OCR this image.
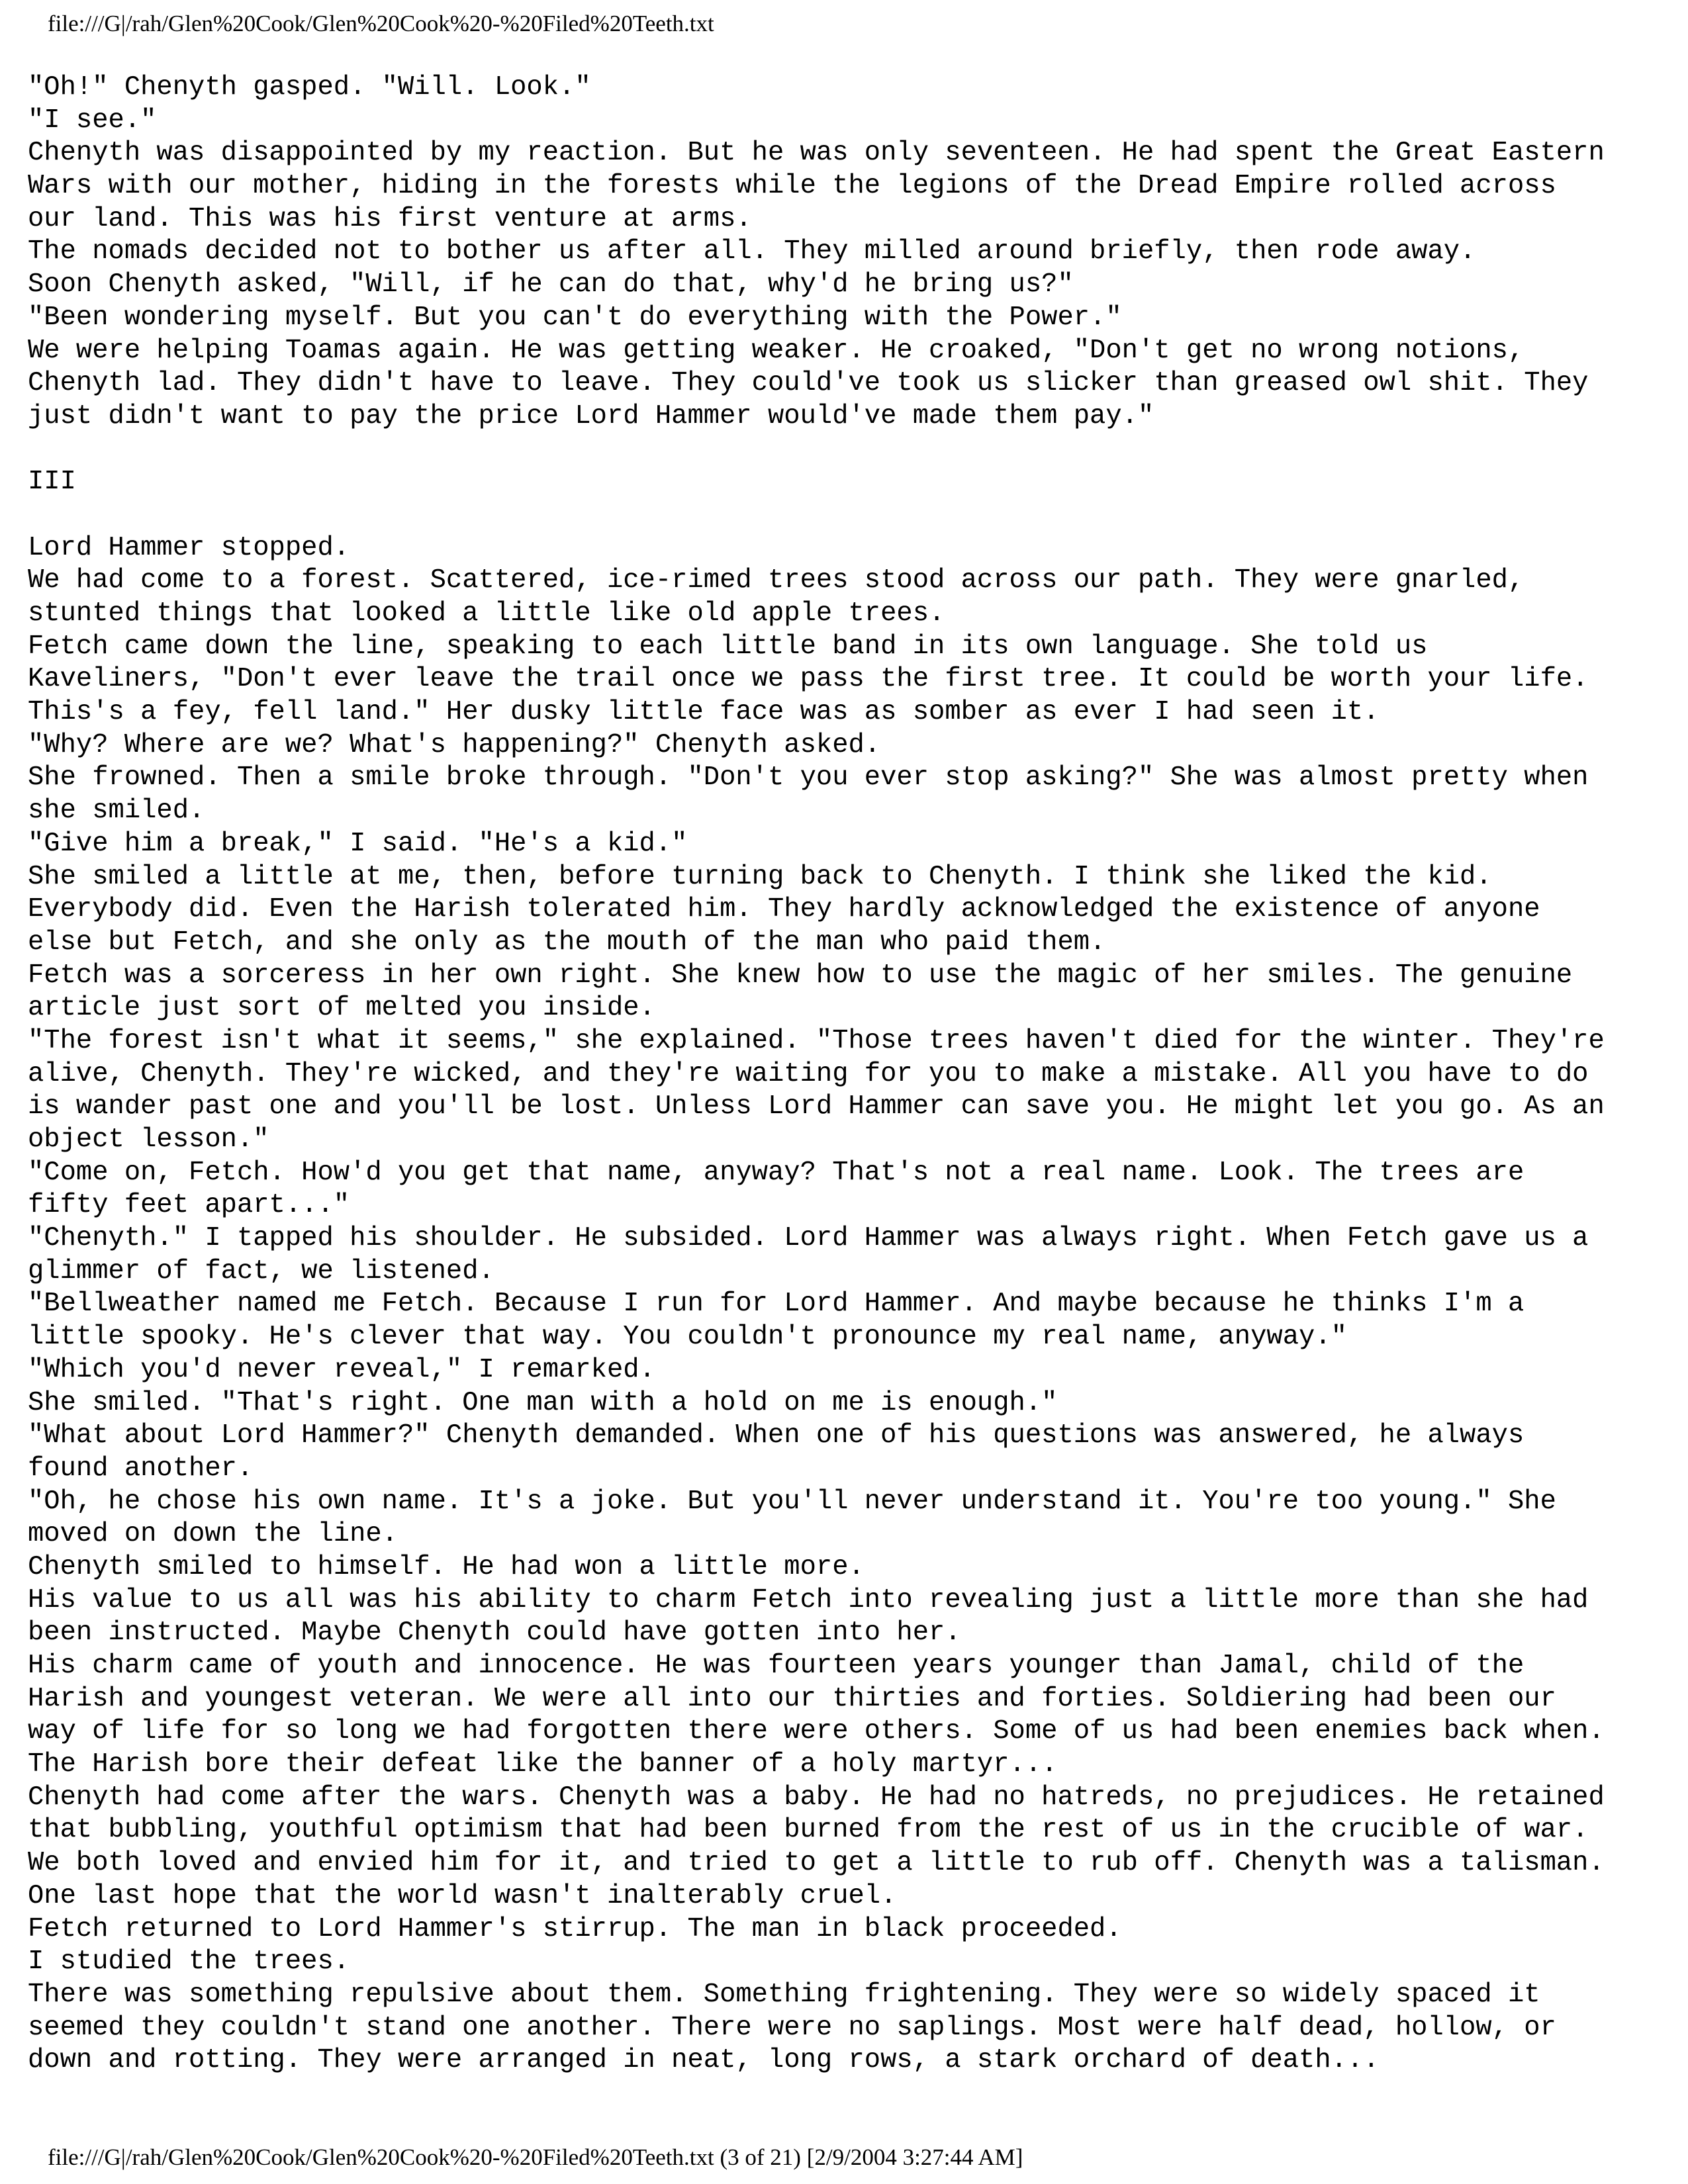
file:///G|/rah/Glen%20Cook/Glen%20Cook%20-%20Filed%20Teeth.txt
"Oh!" Chenyth gasped. "Will. Look."
"I see."
Chenyth was disappointed by my reaction. But he was only seventeen. He had spent the Great Eastern
Wars with our mother, hiding in the forests while the legions of the Dread Empire rolled across
our land. This was his first venture at arms.
The nomads decided not to bother us after all. They milled around briefly, then rode away.
Soon Chenyth asked, "Will, if he can do that, why'd he bring us?"
"Been wondering myself. But you can't do everything with the Power."
We were helping Toamas again. He was getting weaker. He croaked, "Don't get no wrong notions,
Chenyth lad. They didn't have to leave. They could've took us slicker than greased owl shit. They
just didn't want to pay the price Lord Hammer would've made them pay."
III
Lord Hammer stopped.
We had come to a forest. Scattered, ice-rimed trees stood across our path. They were gnarled,
stunted things that looked a little like old apple trees.
Fetch came down the line, speaking to each little band in its own language. She told us
Kaveliners, "Don't ever leave the trail once we pass the first tree. It could be worth your life.
This's a fey, fell land." Her dusky little face was as somber as ever I had seen it.
"Why? Where are we? What's happening?" Chenyth asked.
She frowned. Then a smile broke through. "Don't you ever stop asking?" She was almost pretty when
she smiled.
"Give him a break," I said. "He's a kid."
She smiled a little at me, then, before turning back to Chenyth. I think she liked the kid.
Everybody did. Even the Harish tolerated him. They hardly acknowledged the existence of anyone
else but Fetch, and she only as the mouth of the man who paid them.
Fetch was a sorceress in her own right. She knew how to use the magic of her smiles. The genuine
article just sort of melted you inside.
"The forest isn't what it seems," she explained. "Those trees haven't died for the winter. They're
alive, Chenyth. They're wicked, and they're waiting for you to make a mistake. All you have to do
is wander past one and you'll be lost. Unless Lord Hammer can save you. He might let you go. As an
object lesson."
"Come on, Fetch. How'd you get that name, anyway? That's not a real name. Look. The trees are
fifty feet apart..."
"Chenyth." I tapped his shoulder. He subsided. Lord Hammer was always right. When Fetch gave us a
glimmer of fact, we listened.
"Bellweather named me Fetch. Because I run for Lord Hammer. And maybe because he thinks I'm a
little spooky. He's clever that way. You couldn't pronounce my real name, anyway."
"Which you'd never reveal," I remarked.
She smiled. "That's right. One man with a hold on me is enough."
"What about Lord Hammer?" Chenyth demanded. When one of his questions was answered, he always
found another.
"Oh, he chose his own name. It's a joke. But you'll never understand it. You're too young." She
moved on down the line.
Chenyth smiled to himself. He had won a little more.
His value to us all was his ability to charm Fetch into revealing just a little more than she had
been instructed. Maybe Chenyth could have gotten into her.
His charm came of youth and innocence. He was fourteen years younger than Jamal, child of the
Harish and youngest veteran. We were all into our thirties and forties. Soldiering had been our
way of life for so long we had forgotten there were others. Some of us had been enemies back when.
The Harish bore their defeat like the banner of a holy martyr...
Chenyth had come after the wars. Chenyth was a baby. He had no hatreds, no prejudices. He retained
that bubbling, youthful optimism that had been burned from the rest of us in the crucible of war.
We both loved and envied him for it, and tried to get a little to rub off. Chenyth was a talisman.
One last hope that the world wasn't inalterably cruel.
Fetch returned to Lord Hammer's stirrup. The man in black proceeded.
I studied the trees.
There was something repulsive about them. Something frightening. They were so widely spaced it
seemed they couldn't stand one another. There were no saplings. Most were half dead, hollow, or
down and rotting. They were arranged in neat, long rows, a stark orchard of death...
file:///G|/rah/Glen%20Cook/Glen%20Cook%20-%20Filed%20Teeth.txt (3 of 21) [2/9/2004 3:27:44 AM]
